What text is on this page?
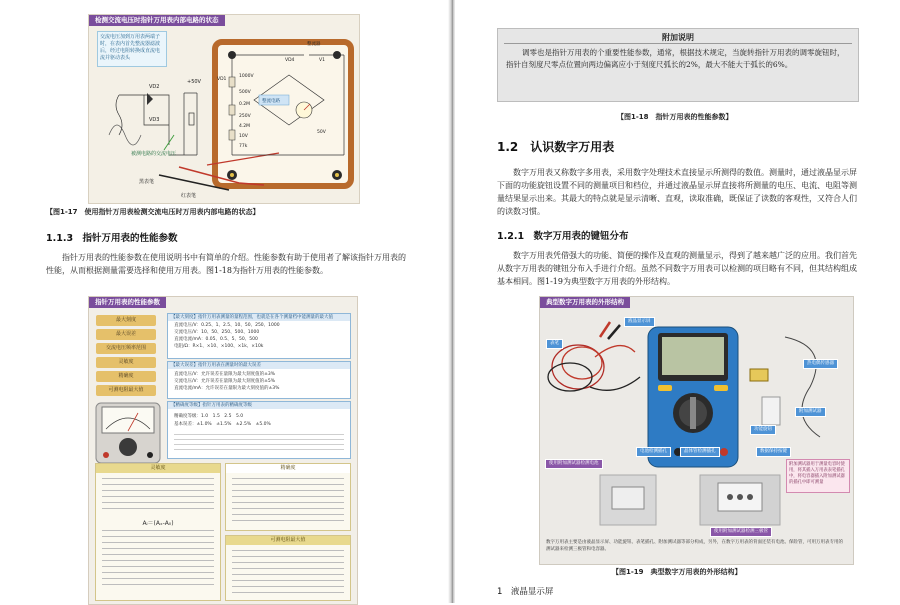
检测交流电压时指针万用表内部电路的状态
交流电压加到万用表两端子时，在表内首先整流器滤波后，经过电阻转换成直流电流并驱动表头
VD2
VD3
+50V
被测电路的交流电压
黑表笔
红表笔
1000V
500V
0.2M
250V
4.2M
10V
77k
VD4	V1
整流器
50V
整流电路
VD1
【图1-17　使用指针万用表检测交流电压时万用表内部电路的状态】
1.1.3　指针万用表的性能参数
指针万用表的性能参数在使用说明书中有简单的介绍。性能参数有助于使用者了解该指针万用表的性能，从而根据测量需要选择和使用万用表。图1-18为指针万用表的性能参数。
指针万用表的性能参数
最大刻度
最大误差
交流电压频率范围
灵敏度
精确度
可测电阻最大值
【最大刻度】指针万用表测量的量程范围，也就是在各个测量档中能测量的最大值
直流电压/V：0.25、1、2.5、10、50、250、1000
交流电压/V：10、50、250、500、1000
直流电流/mA：0.05、0.5、5、50、500
电阻/Ω：R×1、×10、×100、×1k、×10k
【最大误差】指针万用表在测量时的最大误差
直流电压/V：允许误差在量限为最大刻度值的±3%
交流电压/V：允许误差在量限为最大刻度值的±5%
直流电流/mA：允许误差在量限为最大刻度值的±3%
【精确度等级】指针万用表的精确度等级
精确度等级：1.0　1.5　2.5　5.0
基本误差：±1.0%　±1.5%　±2.5%　±5.0%
灵敏度
Aₗ＝(Aₓ-A₀)
精确度
可测电阻最大值
附加说明
调零也是指针万用表的个重要性能参数，通常，根据技术规定，当旋转指针万用表的调零旋钮时，指针自刻度尺零点位置向两边偏离应小于刻度尺弧长的2%，最大不能大于弧长的6%。
【图1-18　指针万用表的性能参数】
1.2　认识数字万用表
数字万用表又称数字多用表，采用数字处理技术直接显示所测得的数值。测量时，通过液晶显示屏下面的功能旋钮设置不同的测量项目和档位，并通过液晶显示屏直接将所测量的电压、电流、电阻等测量结果显示出来。其最大的特点就是显示清晰、直观，读取准确，既保证了读数的客观性，又符合人们的读数习惯。
1.2.1　数字万用表的键钮分布
数字万用表凭借强大的功能、简便的操作及直观的测量显示，得到了越来越广泛的应用。我们首先从数字万用表的键钮分布入手进行介绍。虽然不同数字万用表可以检测的项目略有不同，但其结构组成基本相同。图1-19为典型数字万用表的外形结构。
典型数字万用表的外形结构
液晶显示屏
表笔
热电偶传感器
附加测试器
功能旋钮
数据保持按键
使用附加测试器检测电池
电池检测插孔	晶体管检测插孔
附加测试器用于测量电容时使用，将其插入万用表表笔插孔中，将电容器插入附加测试器的插孔中即可测量
使用附加测试器检测三极管
数字万用表主要是由液晶显示屏、功能旋钮、表笔插孔、附加测试器等部分构成，另外，在数字万用表的背面还装有电池、保险管，可用万用表专用的测试器来检测三极管和电容器。
【图1-19　典型数字万用表的外形结构】
1　液晶显示屏
